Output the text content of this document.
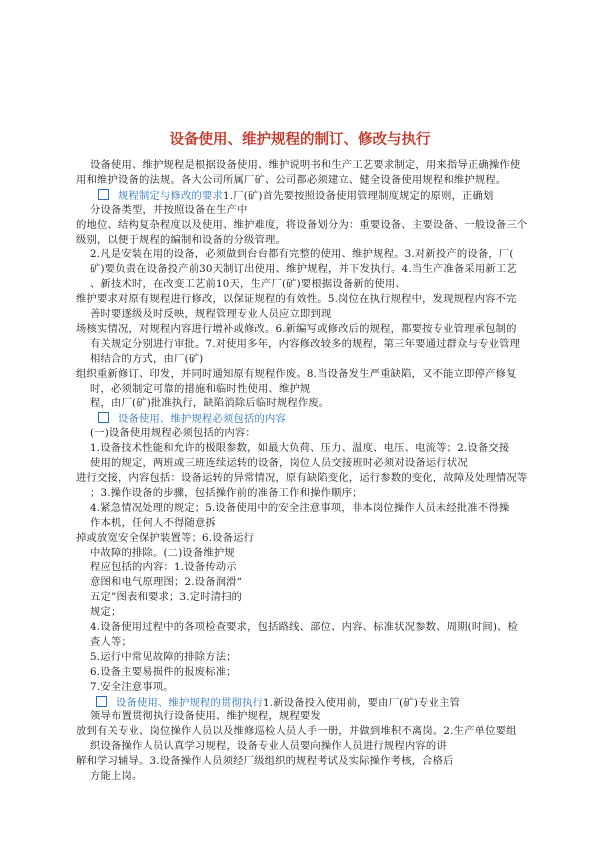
设备使用、维护规程的制订、修改与执行
设备使用、维护规程是根据设备使用、维护说明书和生产工艺要求制定，用来指导正确操作使
用和维护设备的法规。各大公司所属厂矿、公司都必须建立、健全设备使用规程和维护规程。
规程制定与修改的要求1.厂(矿)首先要按照设备使用管理制度规定的原则，正确划
分设备类型，并按照设备在生产中
的地位、结构复杂程度以及使用、维护难度，将设备划分为：重要设备、主要设备、一般设备三个
级别，以便于规程的编制和设备的分级管理。
2.凡是安装在用的设备，必须做到台台都有完整的使用、维护规程。3.对新投产的设备，厂(
矿)要负责在设备投产前30天制订出使用、维护规程，并下发执行。4.当生产准备采用新工艺
、新技术时，在改变工艺前10天，生产厂(矿)要根据设备新的使用、
维护要求对原有规程进行修改，以保证规程的有效性。5.岗位在执行规程中，发现规程内容不完
善时要逐级及时反映，规程管理专业人员应立即到现
场核实情况，对规程内容进行增补或修改。6.新编写或修改后的规程，都要按专业管理承包制的
有关规定分别进行审批。7.对使用多年，内容修改较多的规程，第三年要通过群众与专业管理
相结合的方式，由厂(矿)
组织重新修订、印发，并同时通知原有规程作废。8.当设备发生严重缺陷，又不能立即停产修复
时，必须制定可靠的措施和临时性使用、维护规
程，由厂(矿)批准执行，缺陷消除后临时规程作废。
设备使用、维护规程必须包括的内容
(一)设备使用规程必须包括的内容：
1.设备技术性能和允许的极限参数，如最大负荷、压力、温度、电压、电流等；2.设备交接
使用的规定，两班或三班连续运转的设备，岗位人员交接班时必须对设备运行状况
进行交接，内容包括：设备运转的异常情况，原有缺陷变化，运行参数的变化，故障及处理情况等
；3.操作设备的步骤，包括操作前的准备工作和操作顺序；
4.紧急情况处理的规定；5.设备使用中的安全注意事项，非本岗位操作人员未经批准不得操
作本机，任何人不得随意拆
掉或放宽安全保护装置等；6.设备运行
中故障的排除。(二)设备维护规
程应包括的内容：1.设备传动示
意图和电气原理图；2.设备润滑“
五定”图表和要求；3.定时清扫的
规定；
4.设备使用过程中的各项检查要求，包括路线、部位、内容、标准状况参数、周期(时间)、检
查人等；
5.运行中常见故障的排除方法；
6.设备主要易损件的报废标准；
7.安全注意事项。
设备使用、维护规程的贯彻执行1.新设备投入使用前，要由厂(矿)专业主管
领导布置贯彻执行设备使用、维护规程，规程要发
放到有关专业、岗位操作人员以及维修巡检人员人手一册，并做到堆积不离岗。2.生产单位要组
织设备操作人员认真学习规程，设备专业人员要向操作人员进行规程内容的讲
解和学习辅导。3.设备操作人员须经厂级组织的规程考试及实际操作考核，合格后
方能上岗。
